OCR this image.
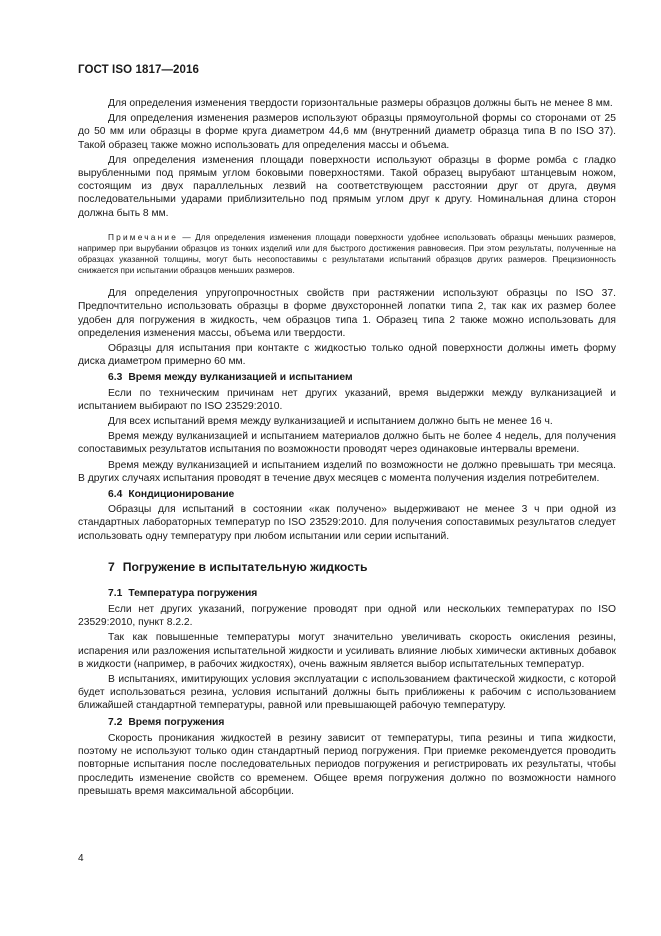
ГОСТ ISO 1817—2016

Для определения изменения твердости горизонтальные размеры образцов должны быть не менее 8 мм.

Для определения изменения размеров используют образцы прямоугольной формы со сторонами от 25 до 50 мм или образцы в форме круга диаметром 44,6 мм (внутренний диаметр образца типа В по ISO 37). Такой образец также можно использовать для определения массы и объема.

Для определения изменения площади поверхности используют образцы в форме ромба с гладко вырубленными под прямым углом боковыми поверхностями. Такой образец вырубают штанцевым ножом, состоящим из двух параллельных лезвий на соответствующем расстоянии друг от друга, двумя последовательными ударами приблизительно под прямым углом друг к другу. Номинальная длина сторон должна быть 8 мм.

Примечание — Для определения изменения площади поверхности удобнее использовать образцы меньших размеров, например при вырубании образцов из тонких изделий или для быстрого достижения равновесия. При этом результаты, полученные на образцах указанной толщины, могут быть несопоставимы с результатами испытаний образцов других размеров. Прецизионность снижается при испытании образцов меньших размеров.

Для определения упругопрочностных свойств при растяжении используют образцы по ISO 37. Предпочтительно использовать образцы в форме двухсторонней лопатки типа 2, так как их размер более удобен для погружения в жидкость, чем образцов типа 1. Образец типа 2 также можно использовать для определения изменения массы, объема или твердости.

Образцы для испытания при контакте с жидкостью только одной поверхности должны иметь форму диска диаметром примерно 60 мм.

6.3 Время между вулканизацией и испытанием

Если по техническим причинам нет других указаний, время выдержки между вулканизацией и испытанием выбирают по ISO 23529:2010.

Для всех испытаний время между вулканизацией и испытанием должно быть не менее 16 ч.

Время между вулканизацией и испытанием материалов должно быть не более 4 недель, для получения сопоставимых результатов испытания по возможности проводят через одинаковые интервалы времени.

Время между вулканизацией и испытанием изделий по возможности не должно превышать три месяца. В других случаях испытания проводят в течение двух месяцев с момента получения изделия потребителем.

6.4 Кондиционирование

Образцы для испытаний в состоянии «как получено» выдерживают не менее 3 ч при одной из стандартных лабораторных температур по ISO 23529:2010. Для получения сопоставимых результатов следует использовать одну температуру при любом испытании или серии испытаний.

7 Погружение в испытательную жидкость

7.1 Температура погружения

Если нет других указаний, погружение проводят при одной или нескольких температурах по ISO 23529:2010, пункт 8.2.2.

Так как повышенные температуры могут значительно увеличивать скорость окисления резины, испарения или разложения испытательной жидкости и усиливать влияние любых химически активных добавок в жидкости (например, в рабочих жидкостях), очень важным является выбор испытательных температур.

В испытаниях, имитирующих условия эксплуатации с использованием фактической жидкости, с которой будет использоваться резина, условия испытаний должны быть приближены к рабочим с использованием ближайшей стандартной температуры, равной или превышающей рабочую температуру.

7.2 Время погружения

Скорость проникания жидкостей в резину зависит от температуры, типа резины и типа жидкости, поэтому не используют только один стандартный период погружения. При приемке рекомендуется проводить повторные испытания после последовательных периодов погружения и регистрировать их результаты, чтобы проследить изменение свойств со временем. Общее время погружения должно по возможности намного превышать время максимальной абсорбции.

4
